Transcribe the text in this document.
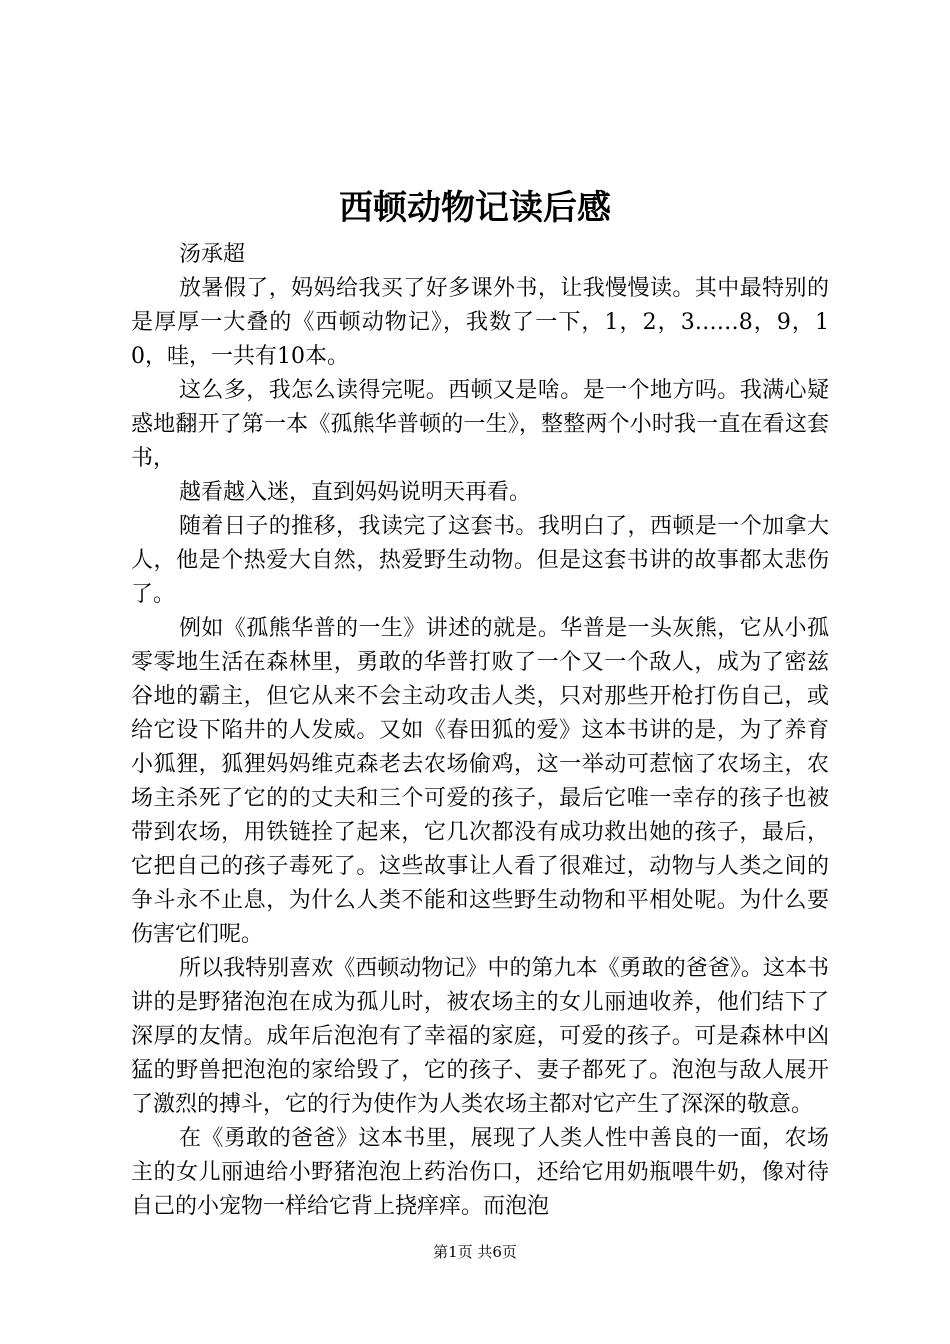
西顿动物记读后感

汤承超

放暑假了，妈妈给我买了好多课外书，让我慢慢读。其中最特别的是厚厚一大叠的《西顿动物记》，我数了一下，1，2，3……8，9，10，哇，一共有10本。

这么多，我怎么读得完呢。西顿又是啥。是一个地方吗。我满心疑惑地翻开了第一本《孤熊华普顿的一生》，整整两个小时我一直在看这套书，

越看越入迷，直到妈妈说明天再看。

随着日子的推移，我读完了这套书。我明白了，西顿是一个加拿大人，他是个热爱大自然，热爱野生动物。但是这套书讲的故事都太悲伤了。

例如《孤熊华普的一生》讲述的就是。华普是一头灰熊，它从小孤零零地生活在森林里，勇敢的华普打败了一个又一个敌人，成为了密兹谷地的霸主，但它从来不会主动攻击人类，只对那些开枪打伤自己，或给它设下陷井的人发威。又如《春田狐的爱》这本书讲的是，为了养育小狐狸，狐狸妈妈维克森老去农场偷鸡，这一举动可惹恼了农场主，农场主杀死了它的的丈夫和三个可爱的孩子，最后它唯一幸存的孩子也被带到农场，用铁链拴了起来，它几次都没有成功救出她的孩子，最后，它把自己的孩子毒死了。这些故事让人看了很难过，动物与人类之间的争斗永不止息，为什么人类不能和这些野生动物和平相处呢。为什么要伤害它们呢。

所以我特别喜欢《西顿动物记》中的第九本《勇敢的爸爸》。这本书讲的是野猪泡泡在成为孤儿时，被农场主的女儿丽迪收养，他们结下了深厚的友情。成年后泡泡有了幸福的家庭，可爱的孩子。可是森林中凶猛的野兽把泡泡的家给毁了，它的孩子、妻子都死了。泡泡与敌人展开了激烈的搏斗，它的行为使作为人类农场主都对它产生了深深的敬意。

在《勇敢的爸爸》这本书里，展现了人类人性中善良的一面，农场主的女儿丽迪给小野猪泡泡上药治伤口，还给它用奶瓶喂牛奶，像对待自己的小宠物一样给它背上挠痒痒。而泡泡

第1页 共6页
